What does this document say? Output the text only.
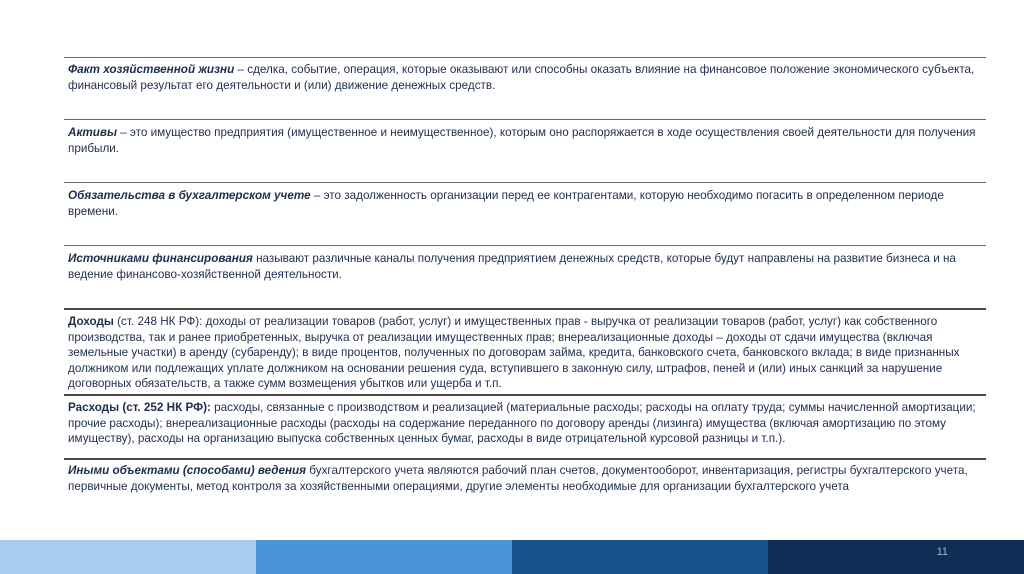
Факт хозяйственной жизни – сделка, событие, операция, которые оказывают или способны оказать влияние на финансовое положение экономического субъекта, финансовый результат его деятельности и (или) движение денежных средств.
Активы – это имущество предприятия (имущественное и неимущественное), которым оно распоряжается в ходе осуществления своей деятельности для получения прибыли.
Обязательства в бухгалтерском учете – это задолженность организации перед ее контрагентами, которую необходимо погасить в определенном периоде времени.
Источниками финансирования называют различные каналы получения предприятием денежных средств, которые будут направлены на развитие бизнеса и на ведение финансово-хозяйственной деятельности.
Доходы (ст. 248 НК РФ): доходы от реализации товаров (работ, услуг) и имущественных прав - выручка от реализации товаров (работ, услуг) как собственного производства, так и ранее приобретенных, выручка от реализации имущественных прав; внереализационные доходы – доходы от сдачи имущества (включая земельные участки) в аренду (субаренду); в виде процентов, полученных по договорам займа, кредита, банковского счета, банковского вклада; в виде признанных должником или подлежащих уплате должником на основании решения суда, вступившего в законную силу, штрафов, пеней и (или) иных санкций за нарушение договорных обязательств, а также сумм возмещения убытков или ущерба и т.п.
Расходы (ст. 252 НК РФ): расходы, связанные с производством и реализацией (материальные расходы; расходы на оплату труда; суммы начисленной амортизации; прочие расходы); внереализационные расходы (расходы на содержание переданного по договору аренды (лизинга) имущества (включая амортизацию по этому имуществу), расходы на организацию выпуска собственных ценных бумаг, расходы в виде отрицательной курсовой разницы и т.п.).
Иными объектами (способами) ведения бухгалтерского учета являются рабочий план счетов, документооборот, инвентаризация, регистры бухгалтерского учета, первичные документы, метод контроля за хозяйственными операциями, другие элементы необходимые для организации бухгалтерского учета
11
